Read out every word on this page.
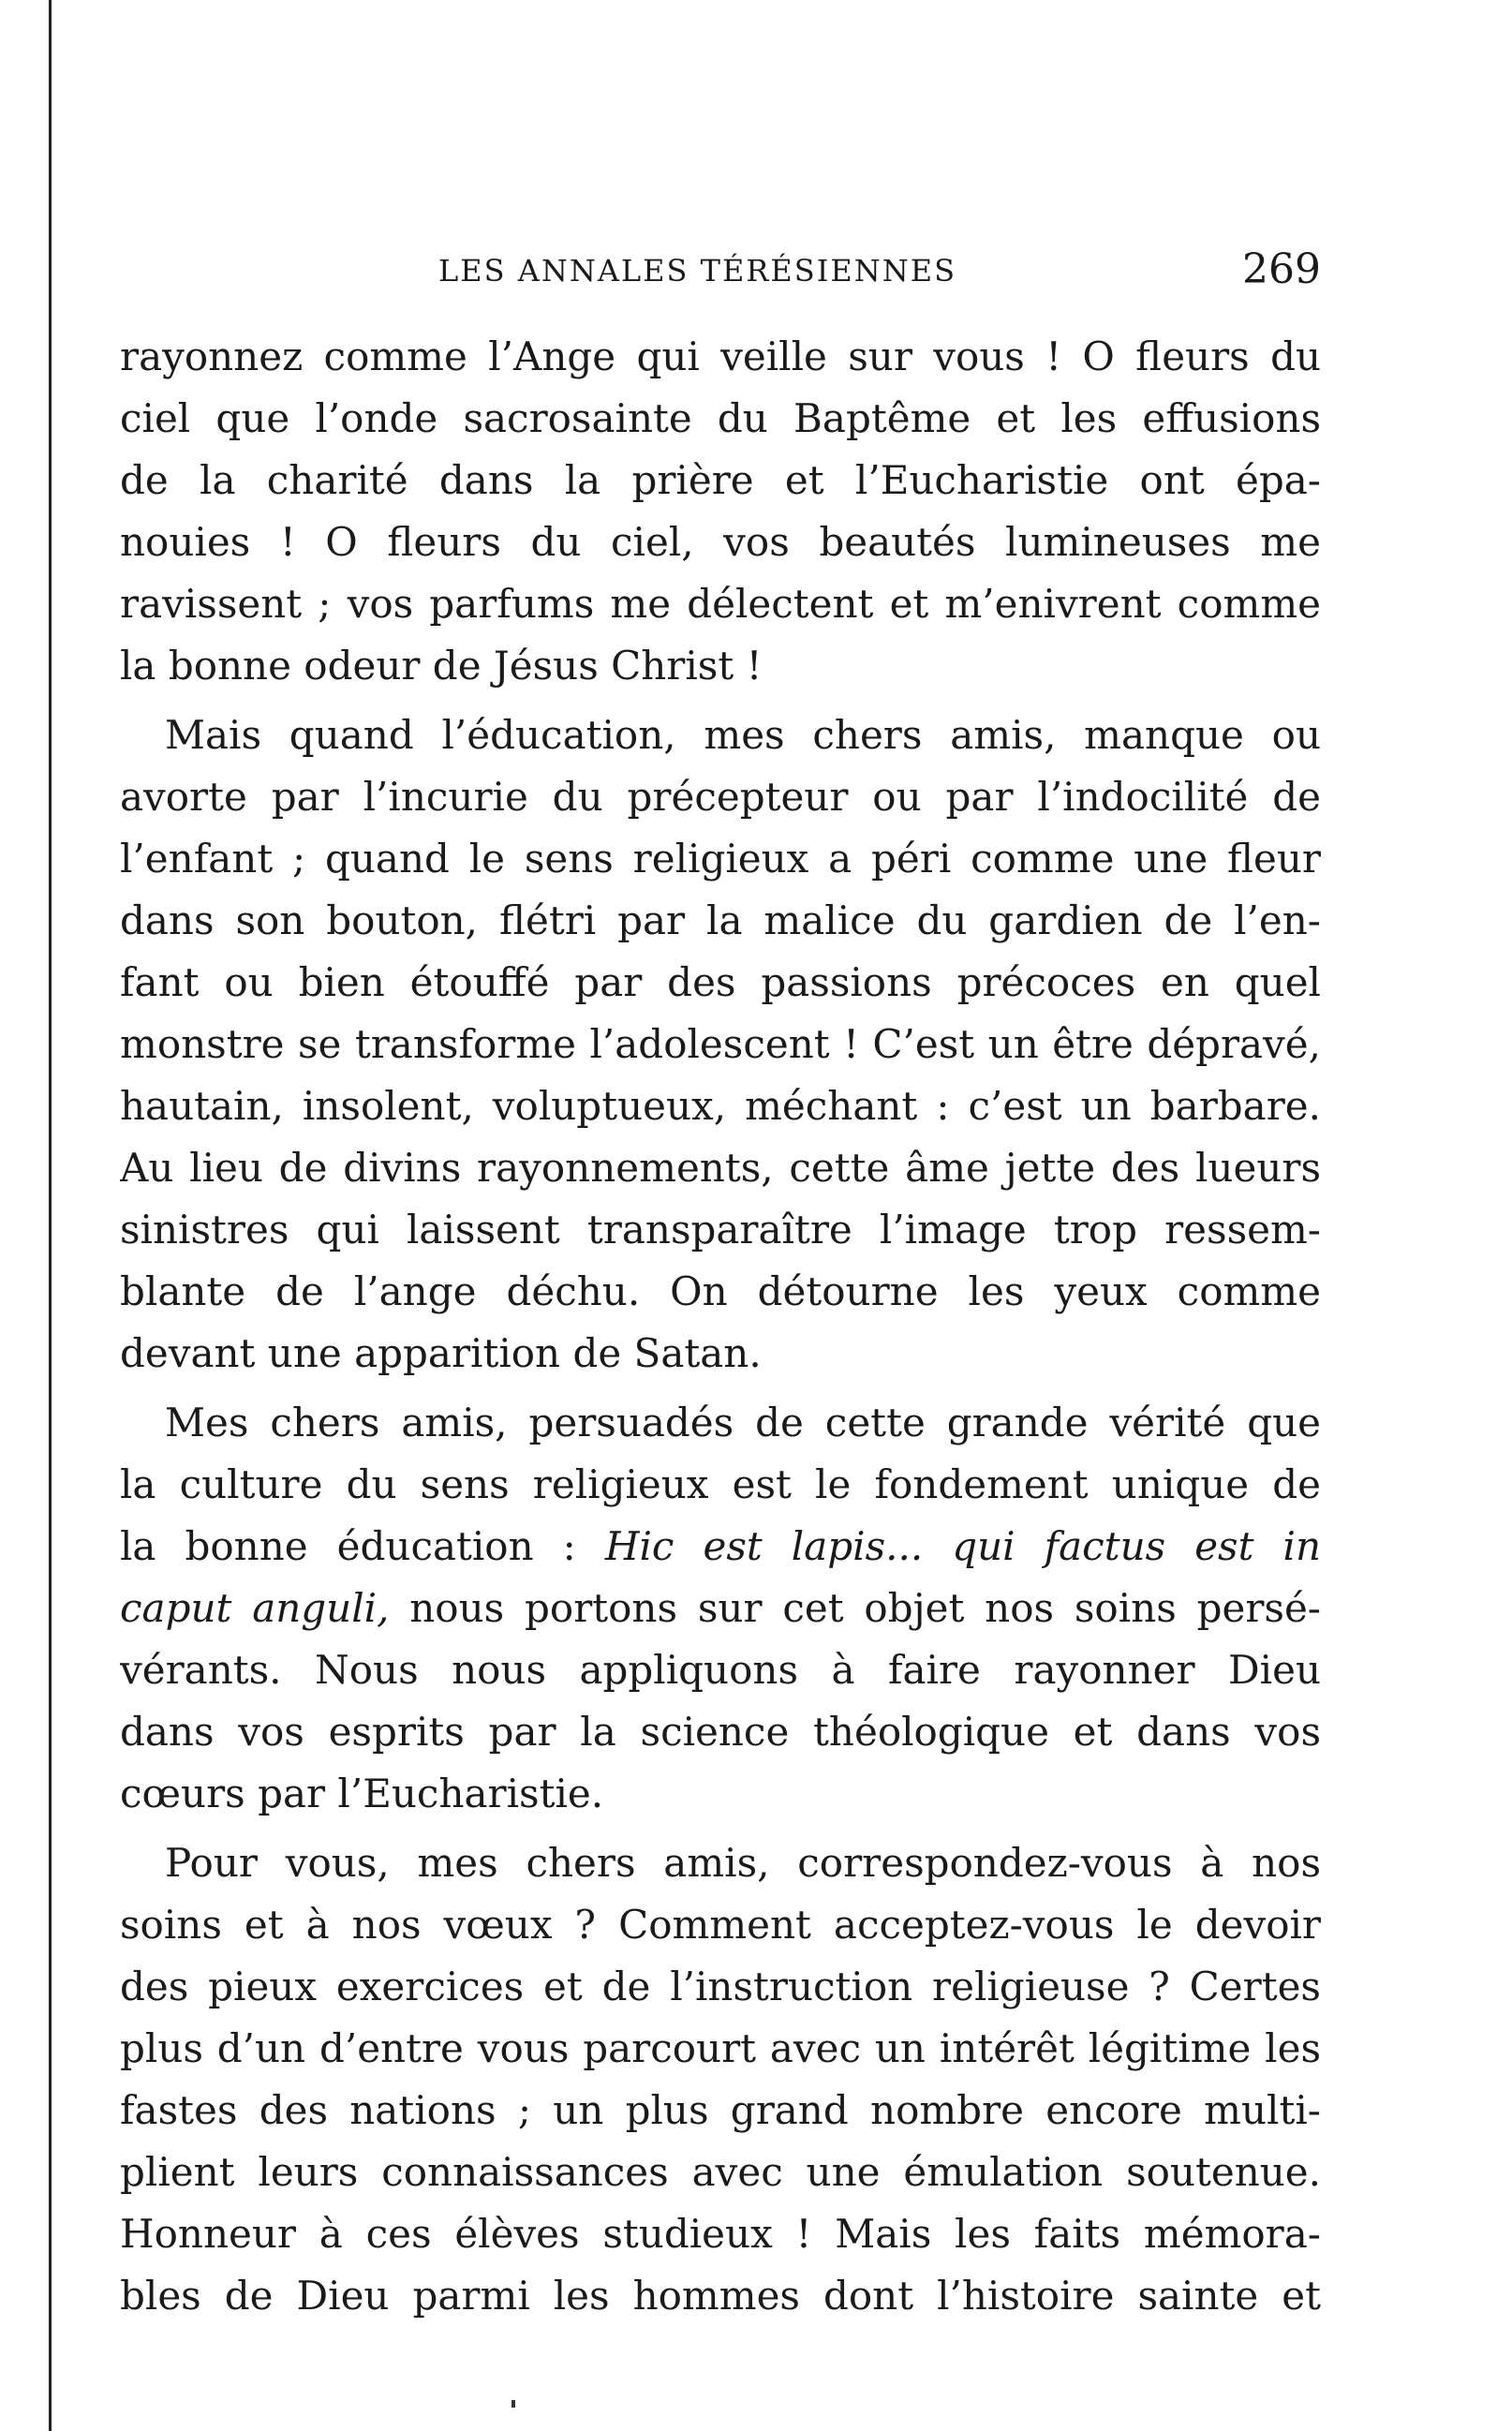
LES ANNALES TÉRÉSIENNES	269
rayonnez comme l’Ange qui veille sur vous ! O fleurs du
ciel que l’onde sacrosainte du Baptême et les effusions
de la charité dans la prière et l’Eucharistie ont épa-
nouies ! O fleurs du ciel, vos beautés lumineuses me
ravissent ; vos parfums me délectent et m’enivrent comme
la bonne odeur de Jésus Christ !
Mais quand l’éducation, mes chers amis, manque ou
avorte par l’incurie du précepteur ou par l’indocilité de
l’enfant ; quand le sens religieux a péri comme une fleur
dans son bouton, flétri par la malice du gardien de l’en-
fant ou bien étouffé par des passions précoces en quel
monstre se transforme l’adolescent ! C’est un être dépravé,
hautain, insolent, voluptueux, méchant : c’est un barbare.
Au lieu de divins rayonnements, cette âme jette des lueurs
sinistres qui laissent transparaître l’image trop ressem-
blante de l’ange déchu. On détourne les yeux comme
devant une apparition de Satan.
Mes chers amis, persuadés de cette grande vérité que
la culture du sens religieux est le fondement unique de
la bonne éducation : Hic est lapis... qui factus est in
caput anguli, nous portons sur cet objet nos soins persé-
vérants. Nous nous appliquons à faire rayonner Dieu
dans vos esprits par la science théologique et dans vos
cœurs par l’Eucharistie.
Pour vous, mes chers amis, correspondez-vous à nos
soins et à nos vœux ? Comment acceptez-vous le devoir
des pieux exercices et de l’instruction religieuse ? Certes
plus d’un d’entre vous parcourt avec un intérêt légitime les
fastes des nations ; un plus grand nombre encore multi-
plient leurs connaissances avec une émulation soutenue.
Honneur à ces élèves studieux ! Mais les faits mémora-
bles de Dieu parmi les hommes dont l’histoire sainte et
